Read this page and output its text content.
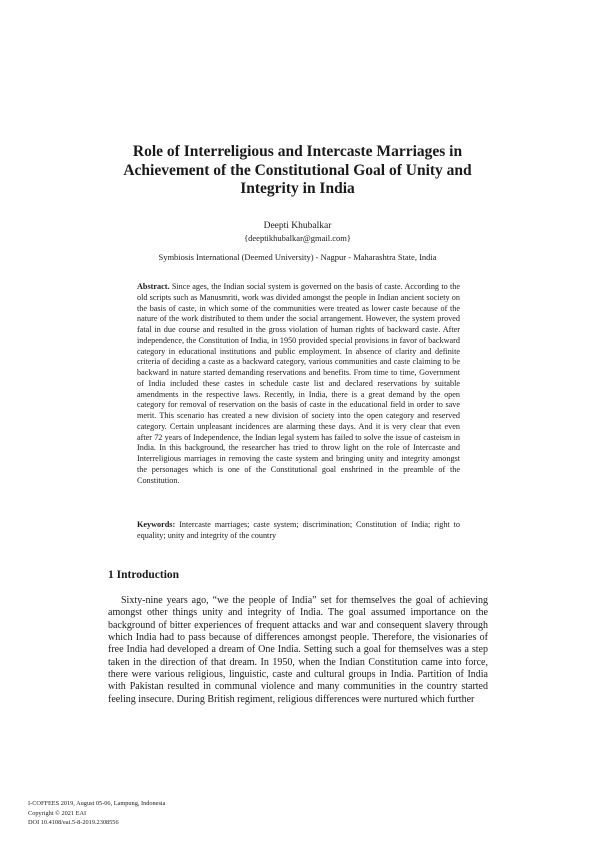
Role of Interreligious and Intercaste Marriages in Achievement of the Constitutional Goal of Unity and Integrity in India
Deepti Khubalkar
{deeptikhubalkar@gmail.com}
Symbiosis International (Deemed University) - Nagpur - Maharashtra State, India

Abstract. Since ages, the Indian social system is governed on the basis of caste. According to the old scripts such as Manusmriti, work was divided amongst the people in Indian ancient society on the basis of caste, in which some of the communities were treated as lower caste because of the nature of the work distributed to them under the social arrangement. However, the system proved fatal in due course and resulted in the gross violation of human rights of backward caste. After independence, the Constitution of India, in 1950 provided special provisions in favor of backward category in educational institutions and public employment. In absence of clarity and definite criteria of deciding a caste as a backward category, various communities and caste claiming to be backward in nature started demanding reservations and benefits. From time to time, Government of India included these castes in schedule caste list and declared reservations by suitable amendments in the respective laws. Recently, in India, there is a great demand by the open category for removal of reservation on the basis of caste in the educational field in order to save merit. This scenario has created a new division of society into the open category and reserved category. Certain unpleasant incidences are alarming these days. And it is very clear that even after 72 years of Independence, the Indian legal system has failed to solve the issue of casteism in India. In this background, the researcher has tried to throw light on the role of Intercaste and Interreligious marriages in removing the caste system and bringing unity and integrity amongst the personages which is one of the Constitutional goal enshrined in the preamble of the Constitution.

Keywords: Intercaste marriages; caste system; discrimination; Constitution of India; right to equality; unity and integrity of the country

1 Introduction

Sixty-nine years ago, “we the people of India” set for themselves the goal of achieving amongst other things unity and integrity of India. The goal assumed importance on the background of bitter experiences of frequent attacks and war and consequent slavery through which India had to pass because of differences amongst people. Therefore, the visionaries of free India had developed a dream of One India. Setting such a goal for themselves was a step taken in the direction of that dream. In 1950, when the Indian Constitution came into force, there were various religious, linguistic, caste and cultural groups in India. Partition of India with Pakistan resulted in communal violence and many communities in the country started feeling insecure. During British regiment, religious differences were nurtured which further

I-COFFEES 2019, August 05-06, Lampung, Indonesia
Copyright © 2021 EAI
DOI 10.4108/eai.5-8-2019.2308556
